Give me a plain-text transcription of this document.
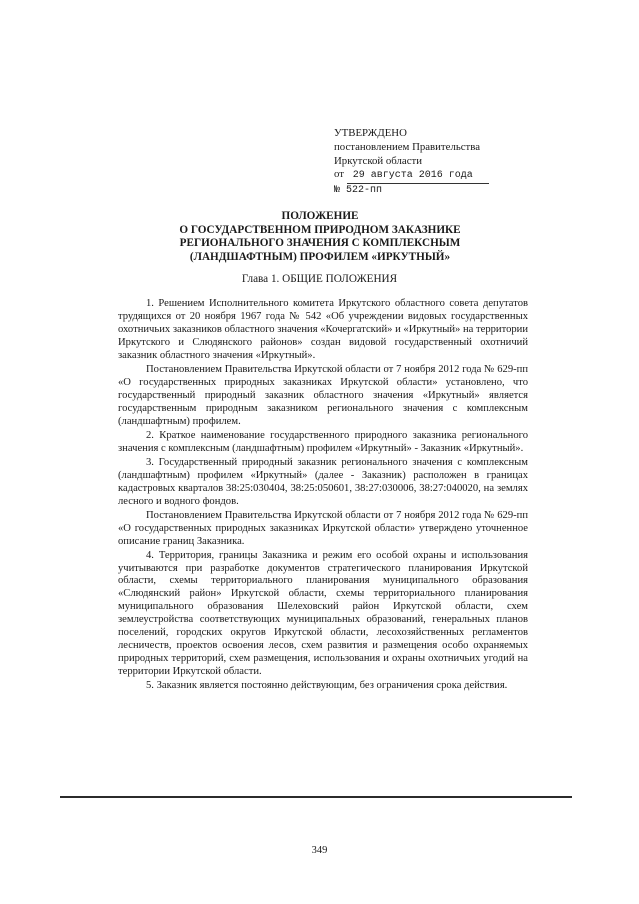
УТВЕРЖДЕНО
постановлением Правительства
Иркутской области
от 29 августа 2016 года
№ 522-пп
ПОЛОЖЕНИЕ
О ГОСУДАРСТВЕННОМ ПРИРОДНОМ ЗАКАЗНИКЕ
РЕГИОНАЛЬНОГО ЗНАЧЕНИЯ С КОМПЛЕКСНЫМ
(ЛАНДШАФТНЫМ) ПРОФИЛЕМ «ИРКУТНЫЙ»
Глава 1. ОБЩИЕ ПОЛОЖЕНИЯ

1. Решением Исполнительного комитета Иркутского областного совета депутатов трудящихся от 20 ноября 1967 года № 542 «Об учреждении видовых государственных охотничьих заказников областного значения «Кочергатский» и «Иркутный» на территории Иркутского и Слюдянского районов» создан видовой государственный охотничий заказник областного значения «Иркутный».

Постановлением Правительства Иркутской области от 7 ноября 2012 года № 629-пп «О государственных природных заказниках Иркутской области» установлено, что государственный природный заказник областного значения «Иркутный» является государственным природным заказником регионального значения с комплексным (ландшафтным) профилем.

2. Краткое наименование государственного природного заказника регионального значения с комплексным (ландшафтным) профилем «Иркутный» - Заказник «Иркутный».

3. Государственный природный заказник регионального значения с комплексным (ландшафтным) профилем «Иркутный» (далее - Заказник) расположен в границах кадастровых кварталов 38:25:030404, 38:25:050601, 38:27:030006, 38:27:040020, на землях лесного и водного фондов.

Постановлением Правительства Иркутской области от 7 ноября 2012 года № 629-пп «О государственных природных заказниках Иркутской области» утверждено уточненное описание границ Заказника.

4. Территория, границы Заказника и режим его особой охраны и использования учитываются при разработке документов стратегического планирования Иркутской области, схемы территориального планирования муниципального образования «Слюдянский район» Иркутской области, схемы территориального планирования муниципального образования Шелеховский район Иркутской области, схем землеустройства соответствующих муниципальных образований, генеральных планов поселений, городских округов Иркутской области, лесохозяйственных регламентов лесничеств, проектов освоения лесов, схем развития и размещения особо охраняемых природных территорий, схем размещения, использования и охраны охотничьих угодий на территории Иркутской области.

5. Заказник является постоянно действующим, без ограничения срока действия.

349
